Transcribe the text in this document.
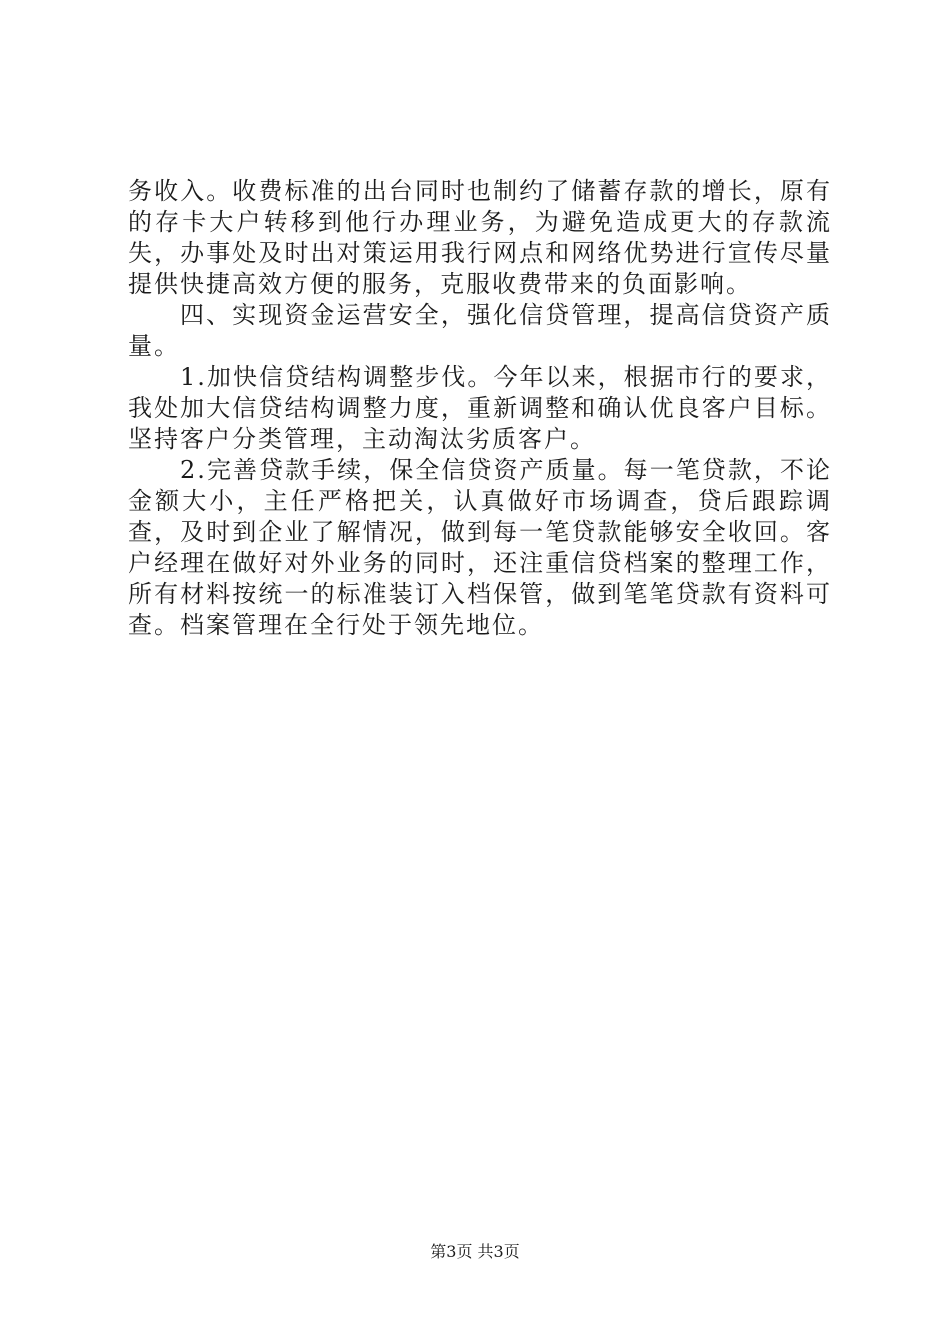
务收入。收费标准的出台同时也制约了储蓄存款的增长，原有的存卡大户转移到他行办理业务，为避免造成更大的存款流失，办事处及时出对策运用我行网点和网络优势进行宣传尽量提供快捷高效方便的服务，克服收费带来的负面影响。

四、实现资金运营安全，强化信贷管理，提高信贷资产质量。

1.加快信贷结构调整步伐。今年以来，根据市行的要求，我处加大信贷结构调整力度，重新调整和确认优良客户目标。坚持客户分类管理，主动淘汰劣质客户。

2.完善贷款手续，保全信贷资产质量。每一笔贷款，不论金额大小，主任严格把关，认真做好市场调查，贷后跟踪调查，及时到企业了解情况，做到每一笔贷款能够安全收回。客户经理在做好对外业务的同时，还注重信贷档案的整理工作，所有材料按统一的标准装订入档保管，做到笔笔贷款有资料可查。档案管理在全行处于领先地位。

第3页 共3页
